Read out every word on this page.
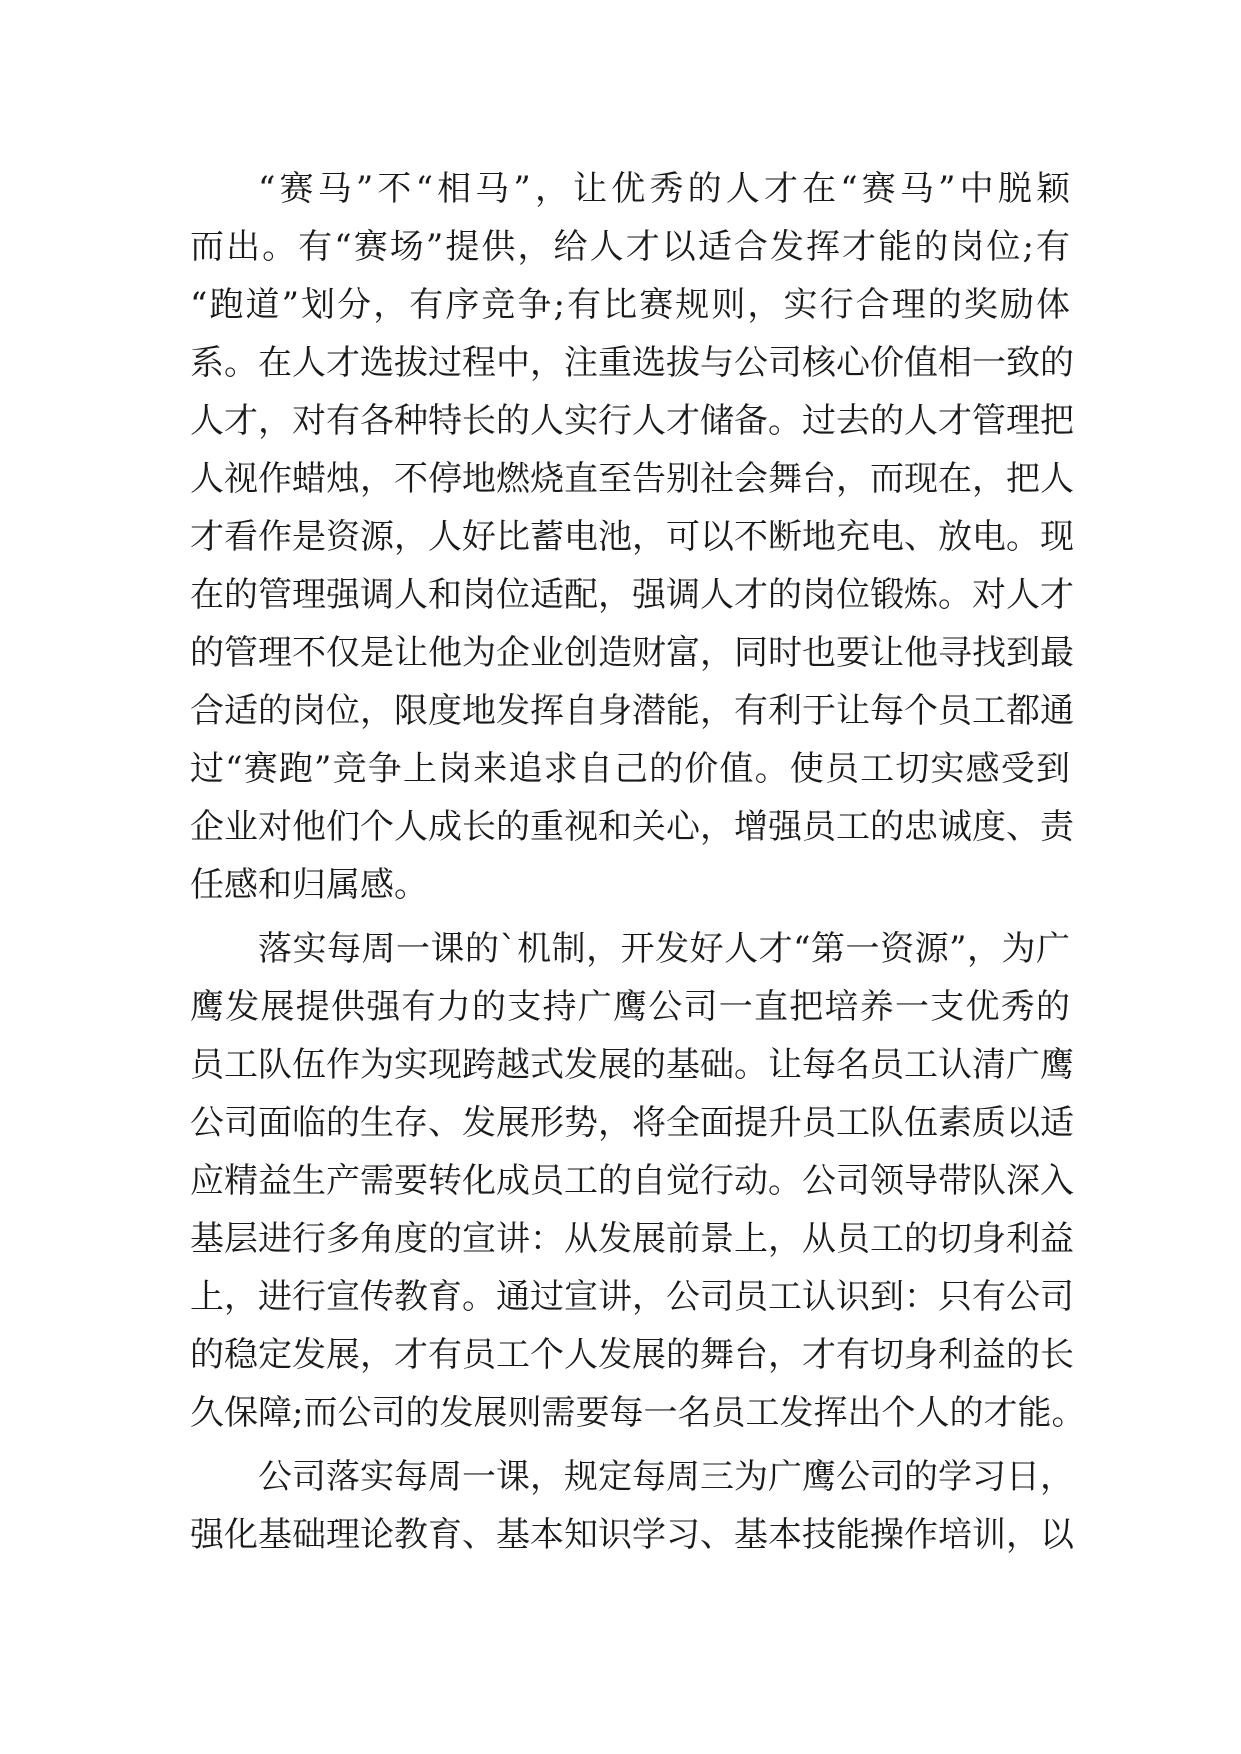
“赛马”不“相马”，让优秀的人才在“赛马”中脱颖
而出。有“赛场”提供，给人才以适合发挥才能的岗位;有
“跑道”划分，有序竞争;有比赛规则，实行合理的奖励体
系。在人才选拔过程中，注重选拔与公司核心价值相一致的
人才，对有各种特长的人实行人才储备。过去的人才管理把
人视作蜡烛，不停地燃烧直至告别社会舞台，而现在，把人
才看作是资源，人好比蓄电池，可以不断地充电、放电。现
在的管理强调人和岗位适配，强调人才的岗位锻炼。对人才
的管理不仅是让他为企业创造财富，同时也要让他寻找到最
合适的岗位，限度地发挥自身潜能，有利于让每个员工都通
过“赛跑”竞争上岗来追求自己的价值。使员工切实感受到
企业对他们个人成长的重视和关心，增强员工的忠诚度、责
任感和归属感。
落实每周一课的`机制，开发好人才“第一资源”，为广
鹰发展提供强有力的支持广鹰公司一直把培养一支优秀的
员工队伍作为实现跨越式发展的基础。让每名员工认清广鹰
公司面临的生存、发展形势，将全面提升员工队伍素质以适
应精益生产需要转化成员工的自觉行动。公司领导带队深入
基层进行多角度的宣讲：从发展前景上，从员工的切身利益
上，进行宣传教育。通过宣讲，公司员工认识到：只有公司
的稳定发展，才有员工个人发展的舞台，才有切身利益的长
久保障;而公司的发展则需要每一名员工发挥出个人的才能。
公司落实每周一课，规定每周三为广鹰公司的学习日，
强化基础理论教育、基本知识学习、基本技能操作培训，以
